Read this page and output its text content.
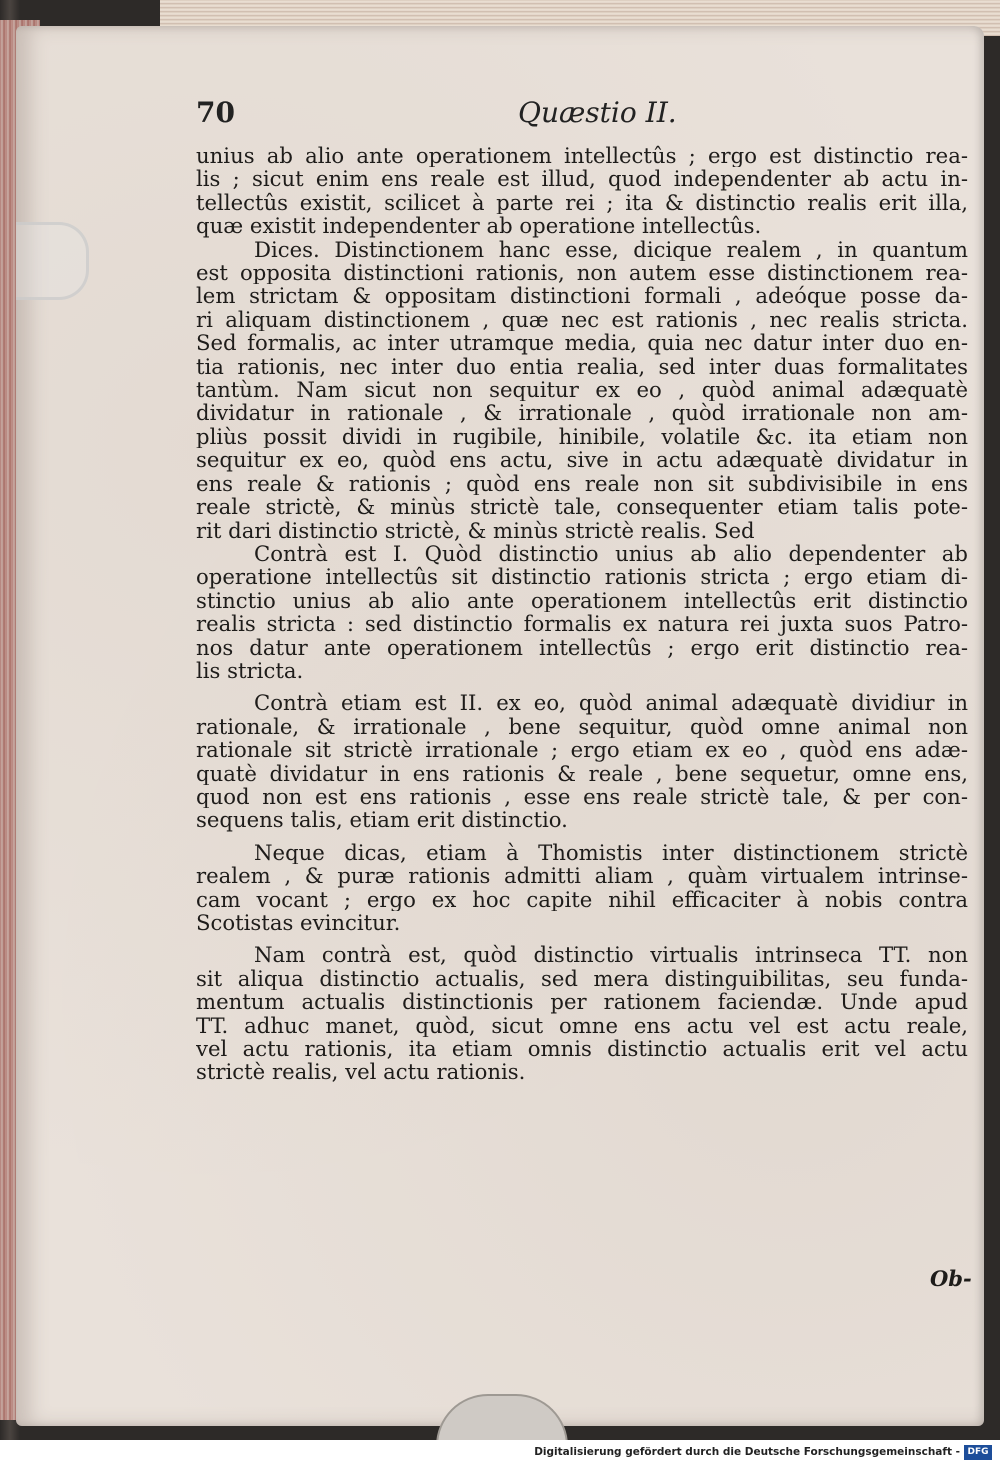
70	Quæstio II.
unius ab alio ante operationem intellectûs ; ergo est distinctio rea-
lis ; sicut enim ens reale est illud, quod independenter ab actu in-
tellectûs existit, scilicet à parte rei ; ita & distinctio realis erit illa,
quæ existit independenter ab operatione intellectûs.
Dices. Distinctionem hanc esse, dicique realem , in quantum
est opposita distinctioni rationis, non autem esse distinctionem rea-
lem strictam & oppositam distinctioni formali , adeóque posse da-
ri aliquam distinctionem , quæ nec est rationis , nec realis stricta.
Sed formalis, ac inter utramque media, quia nec datur inter duo en-
tia rationis, nec inter duo entia realia, sed inter duas formalitates
tantùm. Nam sicut non sequitur ex eo , quòd animal adæquatè
dividatur in rationale , & irrationale , quòd irrationale non am-
pliùs possit dividi in rugibile, hinibile, volatile &c. ita etiam non
sequitur ex eo, quòd ens actu, sive in actu adæquatè dividatur in
ens reale & rationis ; quòd ens reale non sit subdivisibile in ens
reale strictè, & minùs strictè tale, consequenter etiam talis pote-
rit dari distinctio strictè, & minùs strictè realis. Sed
Contrà est I. Quòd distinctio unius ab alio dependenter ab
operatione intellectûs sit distinctio rationis stricta ; ergo etiam di-
stinctio unius ab alio ante operationem intellectûs erit distinctio
realis stricta : sed distinctio formalis ex natura rei juxta suos Patro-
nos datur ante operationem intellectûs ; ergo erit distinctio rea-
lis stricta.
Contrà etiam est II. ex eo, quòd animal adæquatè dividiur in
rationale, & irrationale , bene sequitur, quòd omne animal non
rationale sit strictè irrationale ; ergo etiam ex eo , quòd ens adæ-
quatè dividatur in ens rationis & reale , bene sequetur, omne ens,
quod non est ens rationis , esse ens reale strictè tale, & per con-
sequens talis, etiam erit distinctio.
Neque dicas, etiam à Thomistis inter distinctionem strictè
realem , & puræ rationis admitti aliam , quàm virtualem intrinse-
cam vocant ; ergo ex hoc capite nihil efficaciter à nobis contra
Scotistas evincitur.
Nam contrà est, quòd distinctio virtualis intrinseca TT. non
sit aliqua distinctio actualis, sed mera distinguibilitas, seu funda-
mentum actualis distinctionis per rationem faciendæ. Unde apud
TT. adhuc manet, quòd, sicut omne ens actu vel est actu reale,
vel actu rationis, ita etiam omnis distinctio actualis erit vel actu
strictè realis, vel actu rationis.
Ob-
Digitalisierung gefördert durch die Deutsche Forschungsgemeinschaft - DFG
